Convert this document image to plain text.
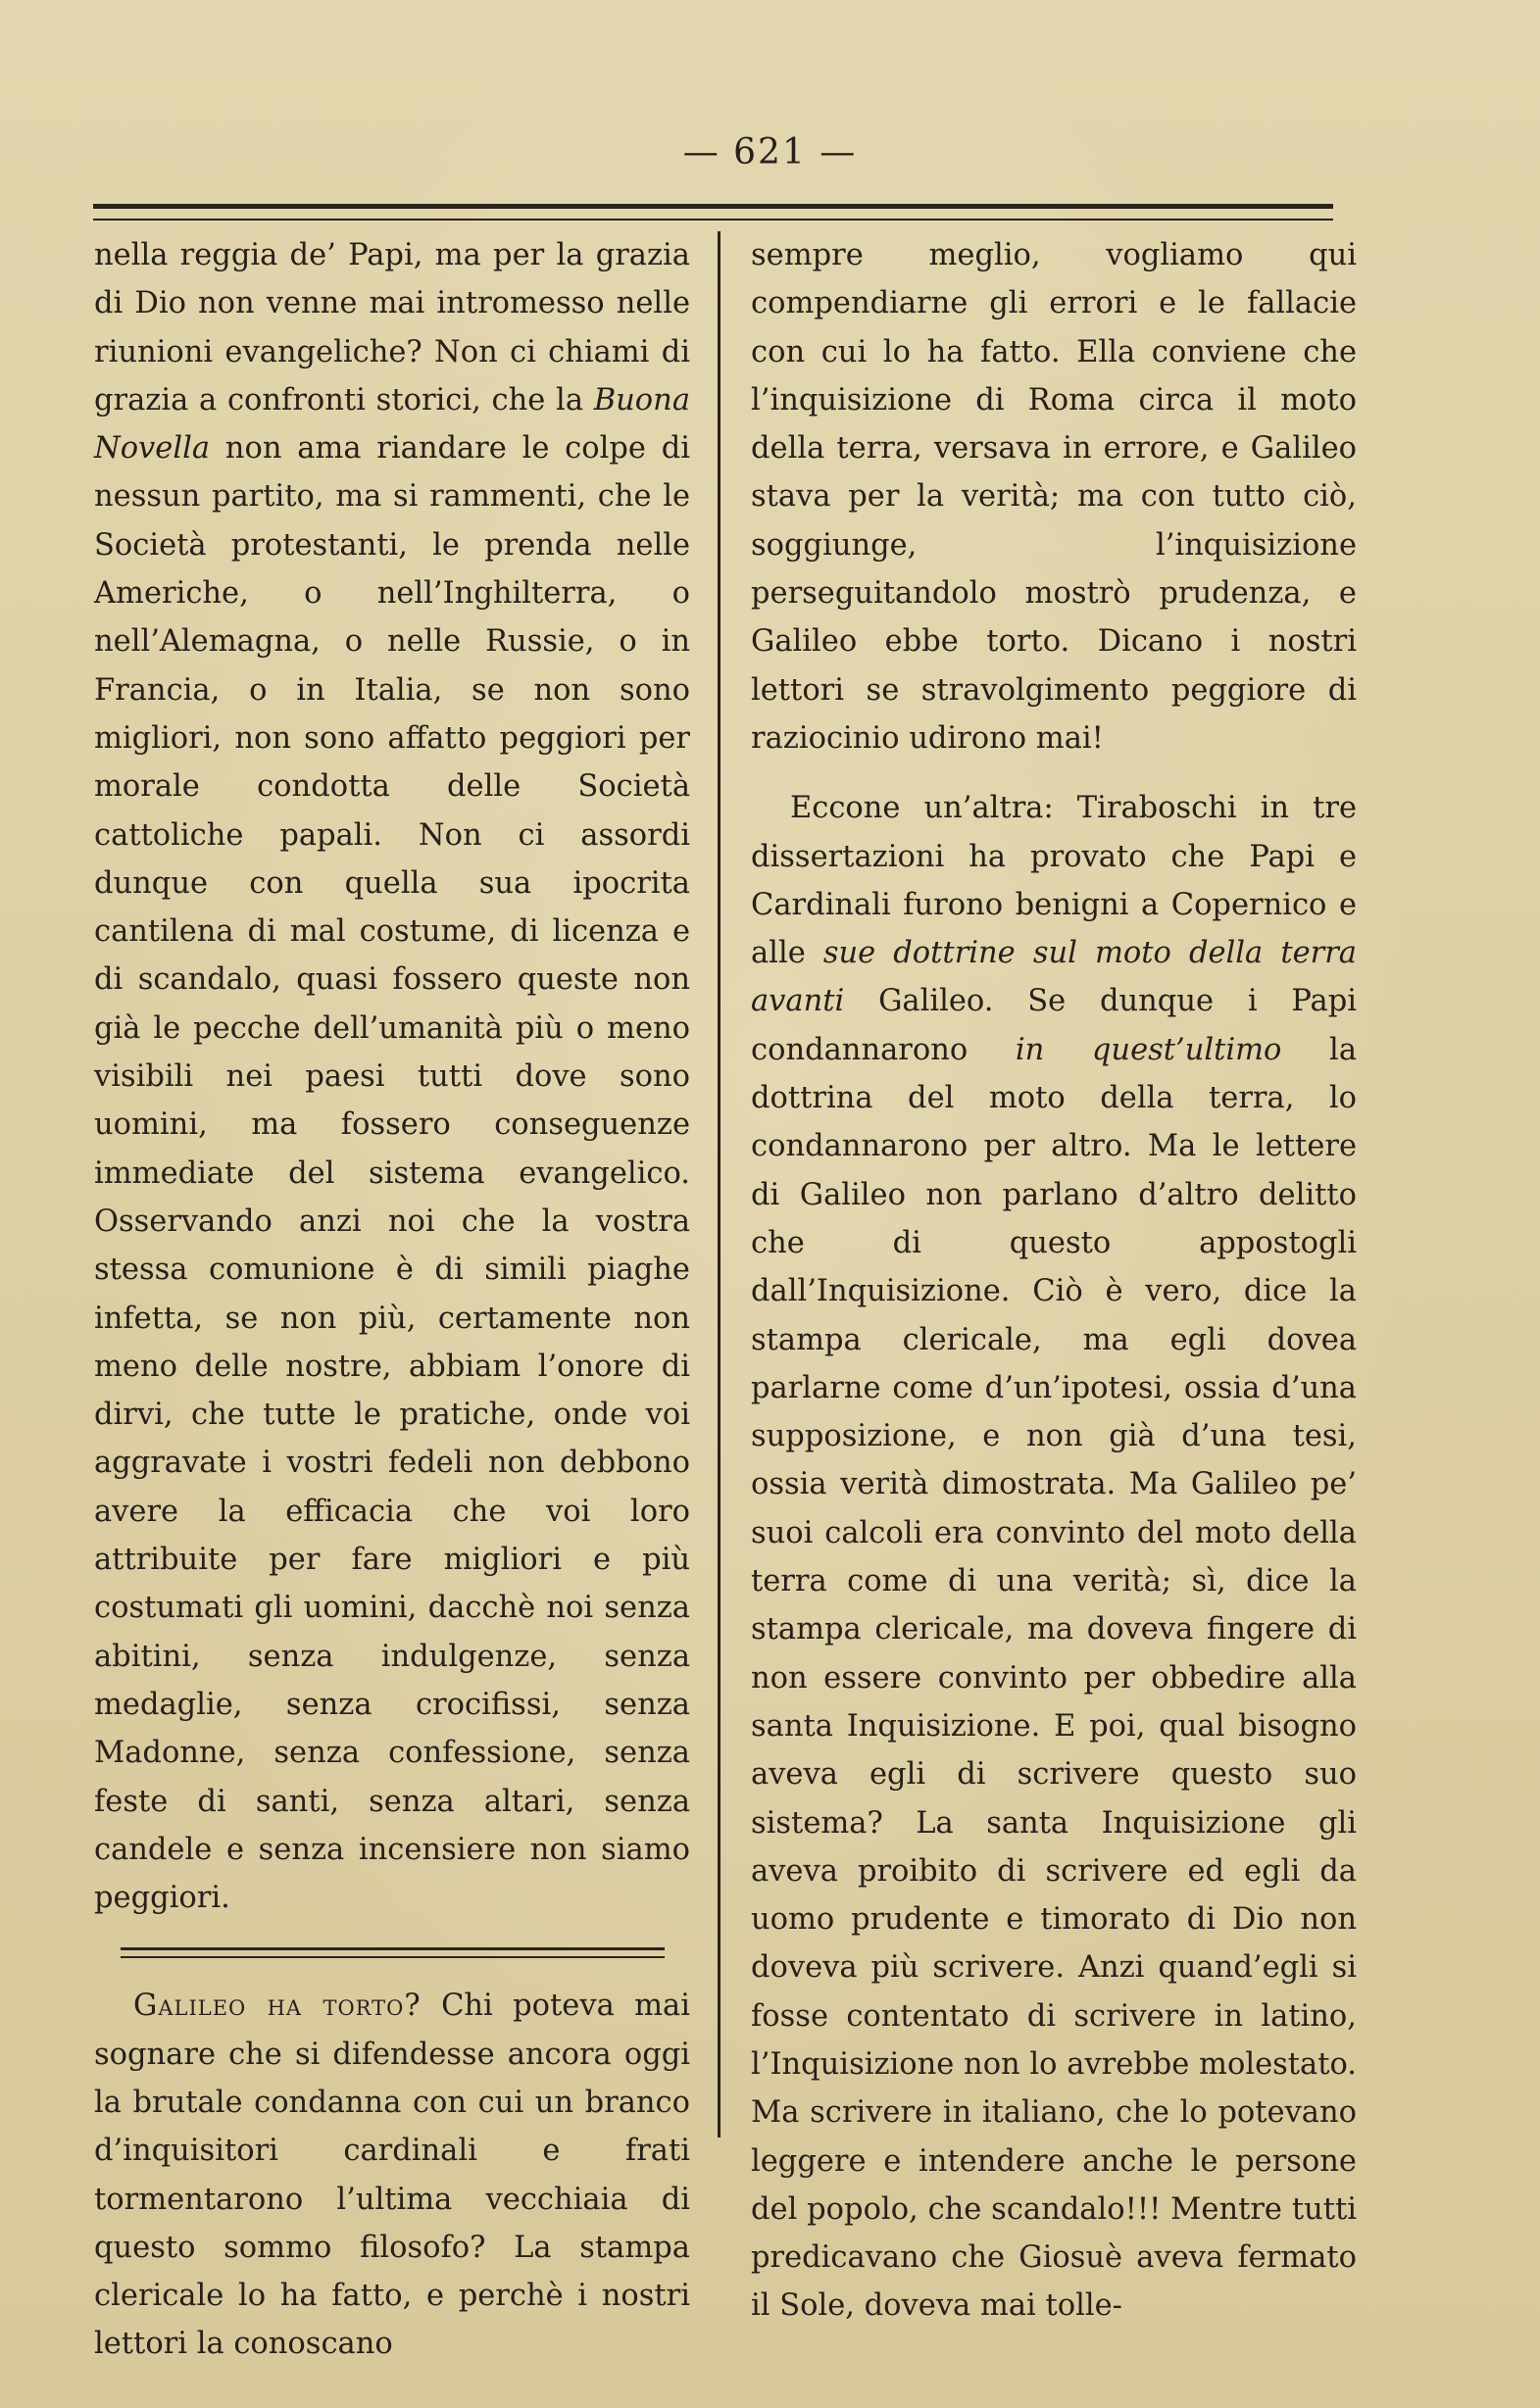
— 621 —

nella reggia de’ Papi, ma per la grazia di Dio non venne mai intromesso nelle riunioni evangeliche? Non ci chiami di grazia a confronti storici, che la Buona Novella non ama riandare le colpe di nessun partito, ma si rammenti, che le Società protestanti, le prenda nelle Americhe, o nell’Inghilterra, o nell’Alemagna, o nelle Russie, o in Francia, o in Italia, se non sono migliori, non sono affatto peggiori per morale condotta delle Società cattoliche papali. Non ci assordi dunque con quella sua ipocrita cantilena di mal costume, di licenza e di scandalo, quasi fossero queste non già le pecche dell’umanità più o meno visibili nei paesi tutti dove sono uomini, ma fossero conseguenze immediate del sistema evangelico. Osservando anzi noi che la vostra stessa comunione è di simili piaghe infetta, se non più, certamente non meno delle nostre, abbiam l’onore di dirvi, che tutte le pratiche, onde voi aggravate i vostri fedeli non debbono avere la efficacia che voi loro attribuite per fare migliori e più costumati gli uomini, dacchè noi senza abitini, senza indulgenze, senza medaglie, senza crocifissi, senza Madonne, senza confessione, senza feste di santi, senza altari, senza candele e senza incensiere non siamo peggiori.

Galileo ha torto? Chi poteva mai sognare che si difendesse ancora oggi la brutale condanna con cui un branco d’inquisitori cardinali e frati tormentarono l’ultima vecchiaia di questo sommo filosofo? La stampa clericale lo ha fatto, e perchè i nostri lettori la conoscano

sempre meglio, vogliamo qui compendiarne gli errori e le fallacie con cui lo ha fatto. Ella conviene che l’inquisizione di Roma circa il moto della terra, versava in errore, e Galileo stava per la verità; ma con tutto ciò, soggiunge, l’inquisizione perseguitandolo mostrò prudenza, e Galileo ebbe torto. Dicano i nostri lettori se stravolgimento peggiore di raziocinio udirono mai!

Eccone un’altra: Tiraboschi in tre dissertazioni ha provato che Papi e Cardinali furono benigni a Copernico e alle sue dottrine sul moto della terra avanti Galileo. Se dunque i Papi condannarono in quest’ultimo la dottrina del moto della terra, lo condannarono per altro. Ma le lettere di Galileo non parlano d’altro delitto che di questo appostogli dall’Inquisizione. Ciò è vero, dice la stampa clericale, ma egli dovea parlarne come d’un’ipotesi, ossia d’una supposizione, e non già d’una tesi, ossia verità dimostrata. Ma Galileo pe’ suoi calcoli era convinto del moto della terra come di una verità; sì, dice la stampa clericale, ma doveva fingere di non essere convinto per obbedire alla santa Inquisizione. E poi, qual bisogno aveva egli di scrivere questo suo sistema? La santa Inquisizione gli aveva proibito di scrivere ed egli da uomo prudente e timorato di Dio non doveva più scrivere. Anzi quand’egli si fosse contentato di scrivere in latino, l’Inquisizione non lo avrebbe molestato. Ma scrivere in italiano, che lo potevano leggere e intendere anche le persone del popolo, che scandalo!!! Mentre tutti predicavano che Giosuè aveva fermato il Sole, doveva mai tolle-
